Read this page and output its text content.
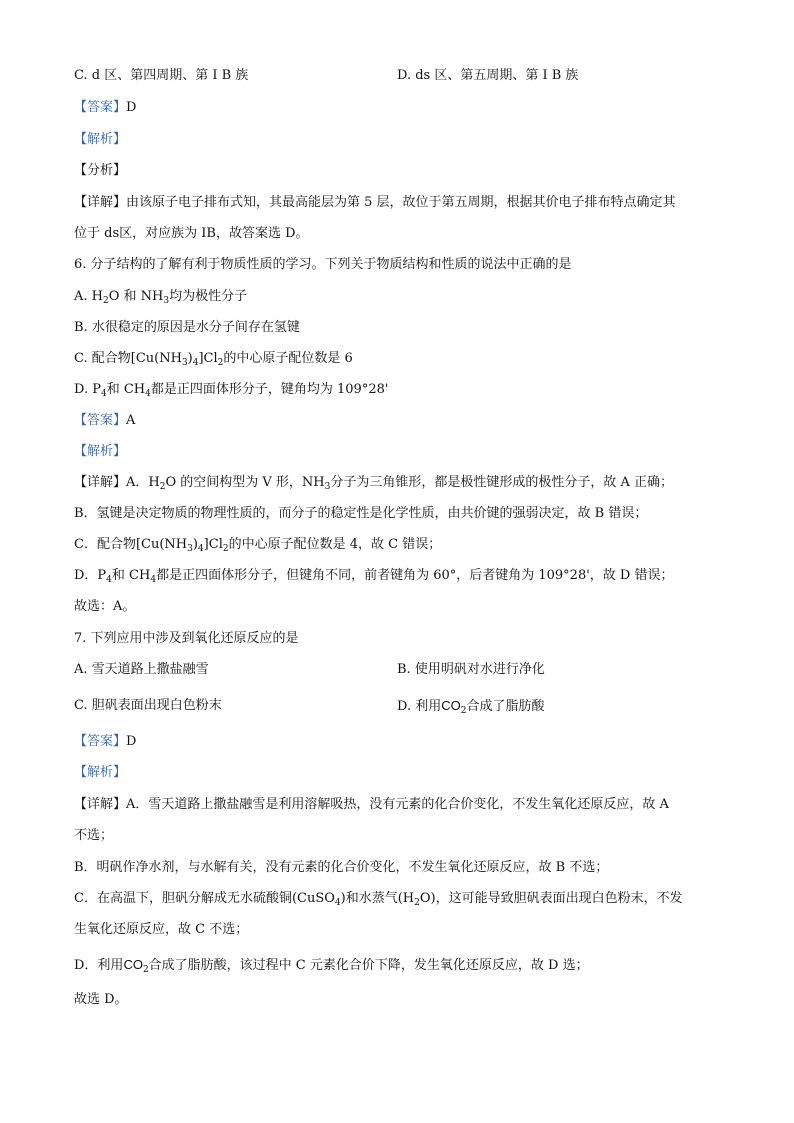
C. d 区、第四周期、第 I B 族	D. ds 区、第五周期、第 I B 族
【答案】D
【解析】
【分析】
【详解】由该原子电子排布式知，其最高能层为第 5 层，故位于第五周期，根据其价电子排布特点确定其
位于 ds区，对应族为 IB，故答案选 D。
6. 分子结构的了解有利于物质性质的学习。下列关于物质结构和性质的说法中正确的是
A. $H_2O$ 和 $NH_3$均为极性分子
B. 水很稳定的原因是水分子间存在氢键
C. 配合物$[Cu(NH_3)_4]Cl_2$的中心原子配位数是 6
D. $P_4$和 $CH_4$都是正四面体形分子，键角均为 109°28'
【答案】A
【解析】
【详解】A．$H_2O$ 的空间构型为 V 形，$NH_3$分子为三角锥形，都是极性键形成的极性分子，故 A 正确；
B．氢键是决定物质的物理性质的，而分子的稳定性是化学性质，由共价键的强弱决定，故 B 错误；
C．配合物$[Cu(NH_3)_4]Cl_2$的中心原子配位数是 4，故 C 错误；
D．$P_4$和 $CH_4$都是正四面体形分子，但键角不同，前者键角为 60°，后者键角为 109°28'，故 D 错误；
故选：A。
7. 下列应用中涉及到氧化还原反应的是
A. 雪天道路上撒盐融雪	B. 使用明矾对水进行净化
C. 胆矾表面出现白色粉末	D. 利用$CO_2$合成了脂肪酸
【答案】D
【解析】
【详解】A．雪天道路上撒盐融雪是利用溶解吸热，没有元素的化合价变化，不发生氧化还原反应，故 A
不选；
B．明矾作净水剂，与水解有关，没有元素的化合价变化，不发生氧化还原反应，故 B 不选；
C．在高温下，胆矾分解成无水硫酸铜(CuSO$_4$)和水蒸气$(H_2O)$，这可能导致胆矾表面出现白色粉末，不发
生氧化还原反应，故 C 不选；
D．利用$CO_2$合成了脂肪酸，该过程中 C 元素化合价下降，发生氧化还原反应，故 D 选；
故选 D。
